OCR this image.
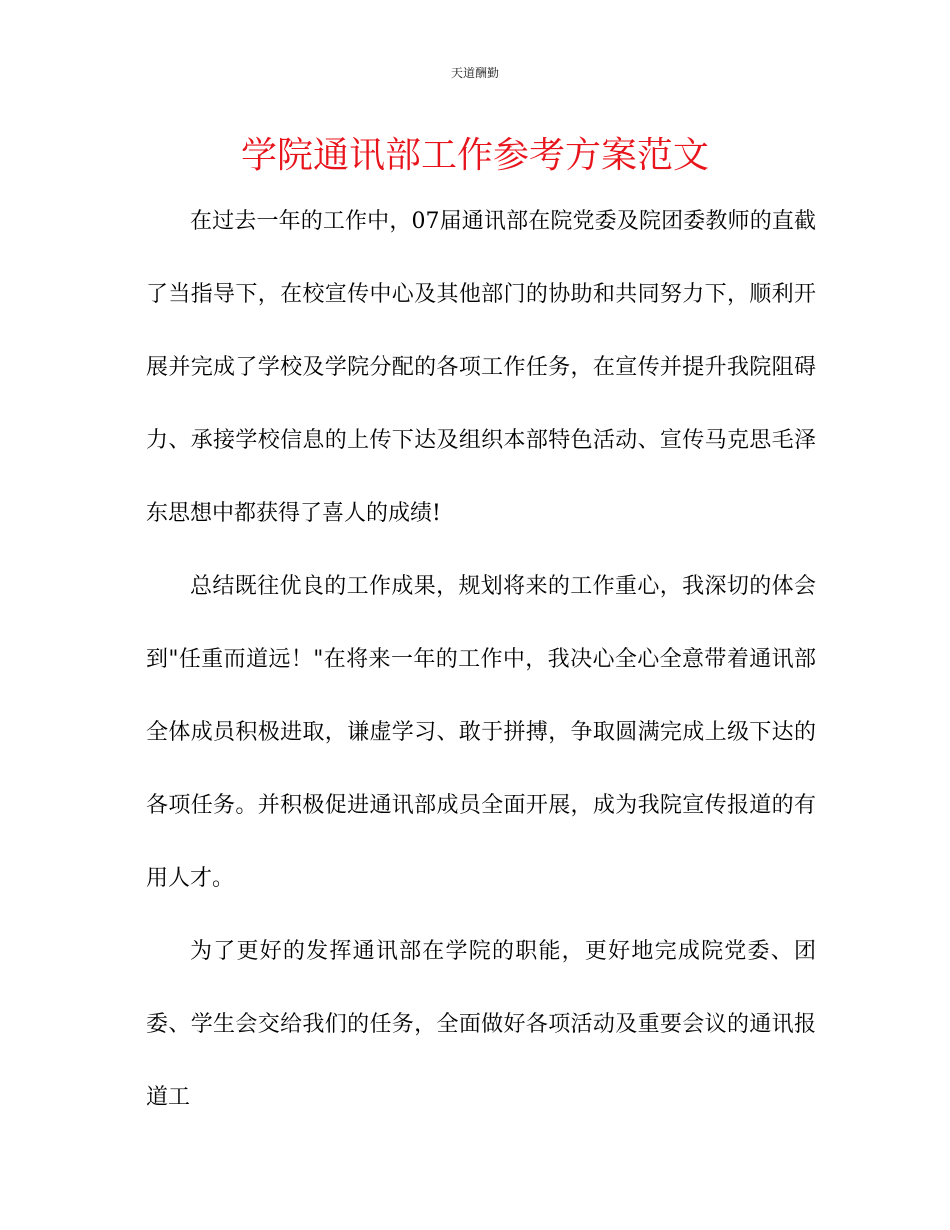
天道酬勤
学院通讯部工作参考方案范文

在过去一年的工作中，07届通讯部在院党委及院团委教师的直截了当指导下，在校宣传中心及其他部门的协助和共同努力下，顺利开展并完成了学校及学院分配的各项工作任务，在宣传并提升我院阻碍力、承接学校信息的上传下达及组织本部特色活动、宣传马克思毛泽东思想中都获得了喜人的成绩!

总结既往优良的工作成果，规划将来的工作重心，我深切的体会到"任重而道远！"在将来一年的工作中，我决心全心全意带着通讯部全体成员积极进取，谦虚学习、敢于拼搏，争取圆满完成上级下达的各项任务。并积极促进通讯部成员全面开展，成为我院宣传报道的有用人才。

为了更好的发挥通讯部在学院的职能，更好地完成院党委、团委、学生会交给我们的任务，全面做好各项活动及重要会议的通讯报道工
